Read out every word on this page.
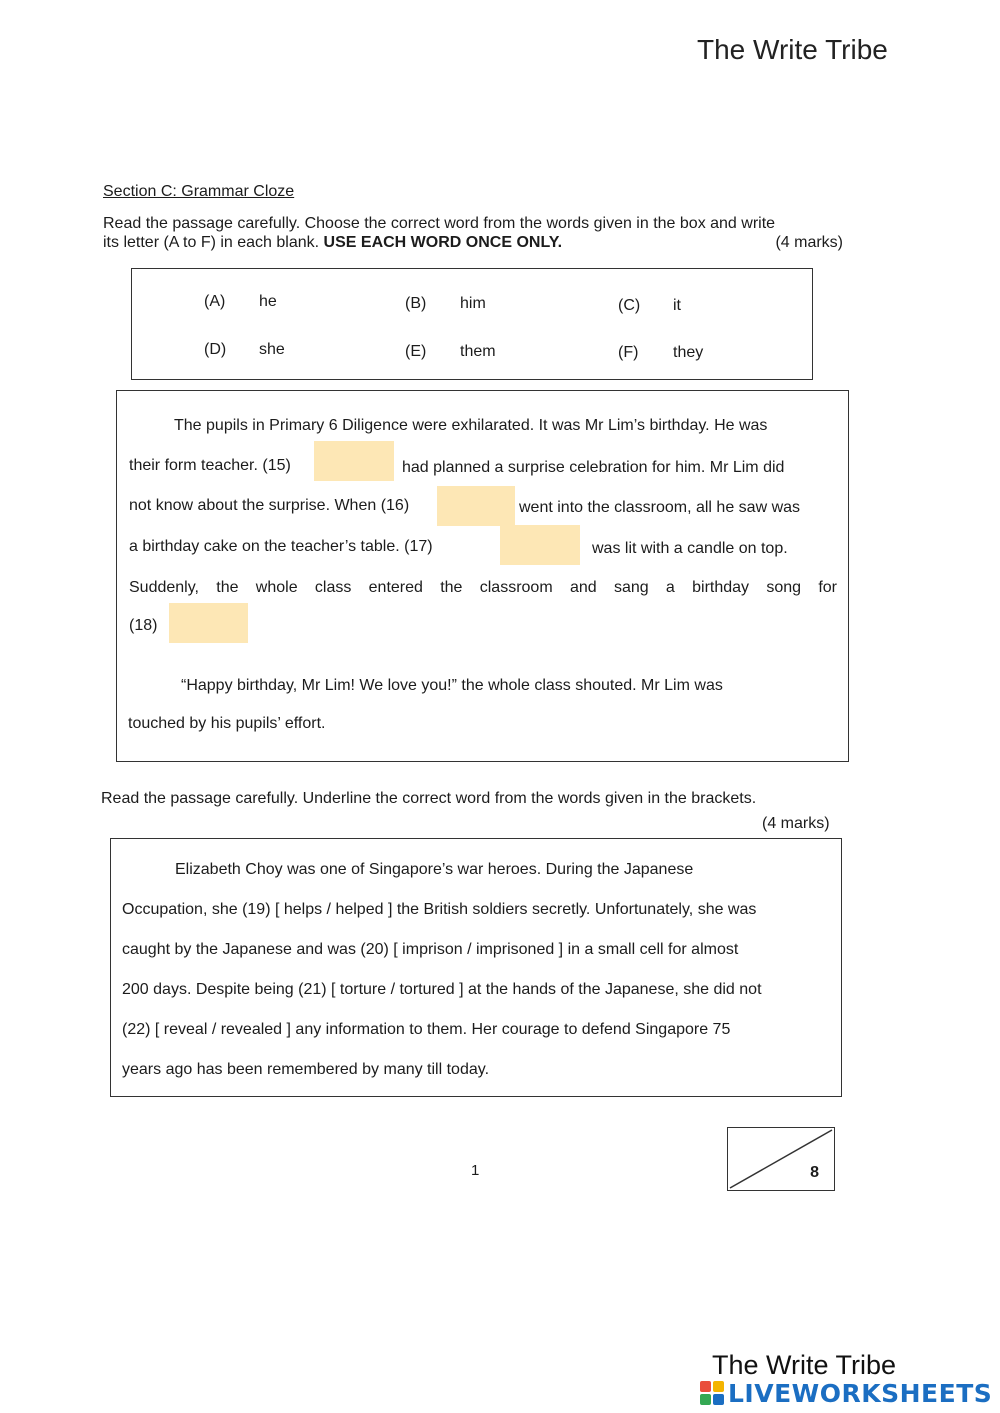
The Write Tribe
Section C: Grammar Cloze
Read the passage carefully. Choose the correct word from the words given in the box and write
its letter (A to F) in each blank. USE EACH WORD ONCE ONLY.	(4 marks)
(A) he	(B) him	(C) it
(D) she	(E) them	(F) they
The pupils in Primary 6 Diligence were exhilarated. It was Mr Lim’s birthday. He was
their form teacher. (15)	had planned a surprise celebration for him. Mr Lim did
not know about the surprise. When (16)	went into the classroom, all he saw was
a birthday cake on the teacher’s table. (17)	was lit with a candle on top.
Suddenly, the whole class entered the classroom and sang a birthday song for
(18)
“Happy birthday, Mr Lim! We love you!” the whole class shouted. Mr Lim was
touched by his pupils’ effort.
Read the passage carefully. Underline the correct word from the words given in the brackets.
(4 marks)
Elizabeth Choy was one of Singapore’s war heroes. During the Japanese
Occupation, she (19) [ helps / helped ] the British soldiers secretly. Unfortunately, she was
caught by the Japanese and was (20) [ imprison / imprisoned ] in a small cell for almost
200 days. Despite being (21) [ torture / tortured ] at the hands of the Japanese, she did not
(22) [ reveal / revealed ] any information to them. Her courage to defend Singapore 75
years ago has been remembered by many till today.
1	8
The Write Tribe
LIVEWORKSHEETS
